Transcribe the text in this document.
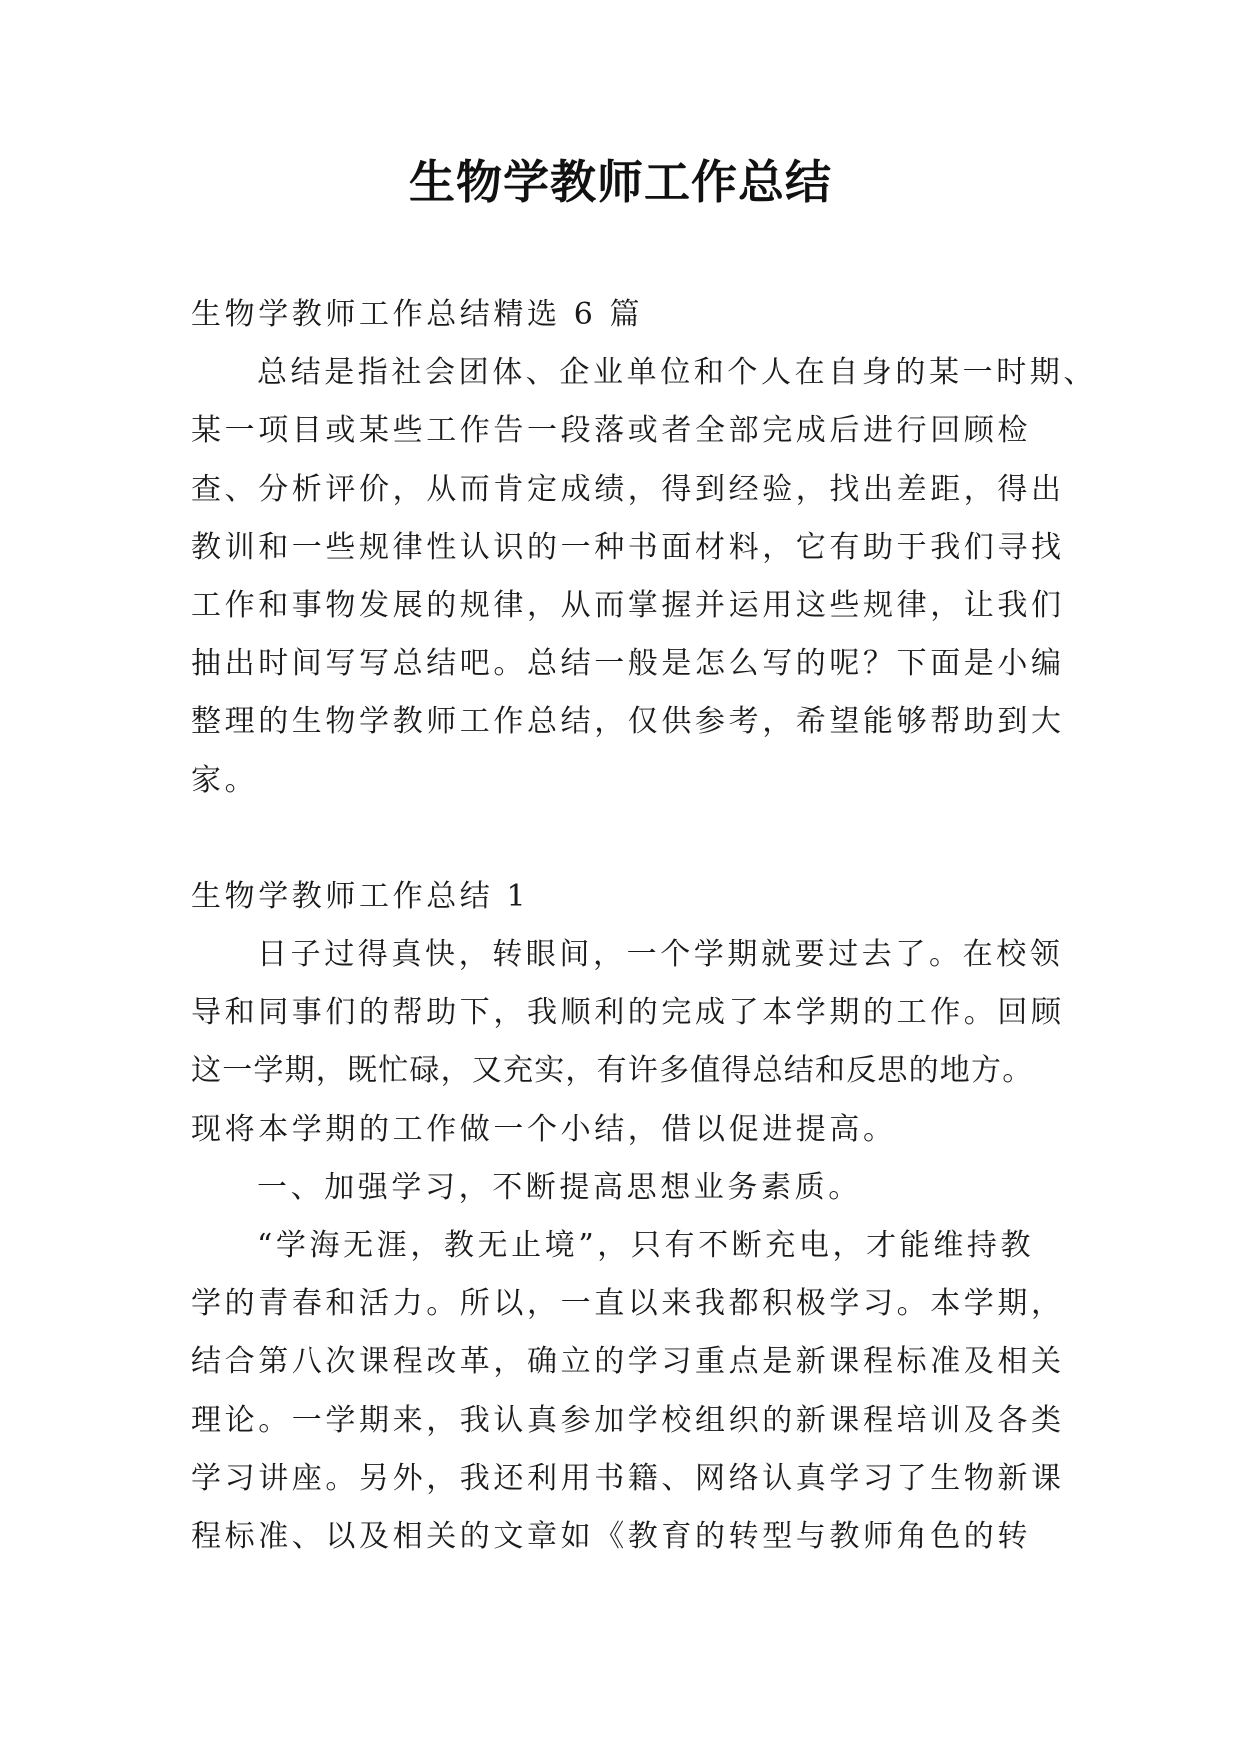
生物学教师工作总结
生物学教师工作总结精选 6 篇
总结是指社会团体、企业单位和个人在自身的某一时期、
某一项目或某些工作告一段落或者全部完成后进行回顾检
查、分析评价，从而肯定成绩，得到经验，找出差距，得出
教训和一些规律性认识的一种书面材料，它有助于我们寻找
工作和事物发展的规律，从而掌握并运用这些规律，让我们
抽出时间写写总结吧。总结一般是怎么写的呢？下面是小编
整理的生物学教师工作总结，仅供参考，希望能够帮助到大
家。
生物学教师工作总结 1
日子过得真快，转眼间，一个学期就要过去了。在校领
导和同事们的帮助下，我顺利的完成了本学期的工作。回顾
这一学期，既忙碌，又充实，有许多值得总结和反思的地方。
现将本学期的工作做一个小结，借以促进提高。
一、加强学习，不断提高思想业务素质。
“学海无涯，教无止境”，只有不断充电，才能维持教
学的青春和活力。所以，一直以来我都积极学习。本学期，
结合第八次课程改革，确立的学习重点是新课程标准及相关
理论。一学期来，我认真参加学校组织的新课程培训及各类
学习讲座。另外，我还利用书籍、网络认真学习了生物新课
程标准、以及相关的文章如《教育的转型与教师角色的转
